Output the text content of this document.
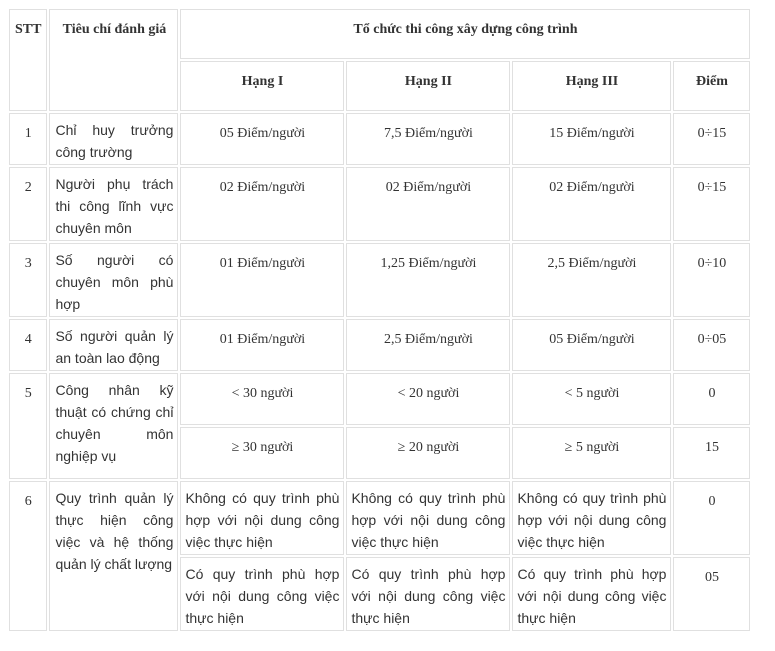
STT	Tiêu chí đánh giá	Tổ chức thi công xây dựng công trình			
		Hạng I	Hạng II	Hạng III	Điểm
1	Chỉ huy trưởng công trường	05 Điểm/người	7,5 Điểm/người	15 Điểm/người	0÷15
2	Người phụ trách thi công lĩnh vực chuyên môn	02 Điểm/người	02 Điểm/người	02 Điểm/người	0÷15
3	Số người có chuyên môn phù hợp	01 Điểm/người	1,25 Điểm/người	2,5 Điểm/người	0÷10
4	Số người quản lý an toàn lao động	01 Điểm/người	2,5 Điểm/người	05 Điểm/người	0÷05
5	Công nhân kỹ thuật có chứng chỉ chuyên môn nghiệp vụ	< 30 người	< 20 người	< 5 người	0
		≥ 30 người	≥ 20 người	≥ 5 người	15
6	Quy trình quản lý thực hiện công việc và hệ thống quản lý chất lượng	Không có quy trình phù hợp với nội dung công việc thực hiện	Không có quy trình phù hợp với nội dung công việc thực hiện	Không có quy trình phù hợp với nội dung công việc thực hiện	0
		Có quy trình phù hợp với nội dung công việc thực hiện	Có quy trình phù hợp với nội dung công việc thực hiện	Có quy trình phù hợp với nội dung công việc thực hiện	05
